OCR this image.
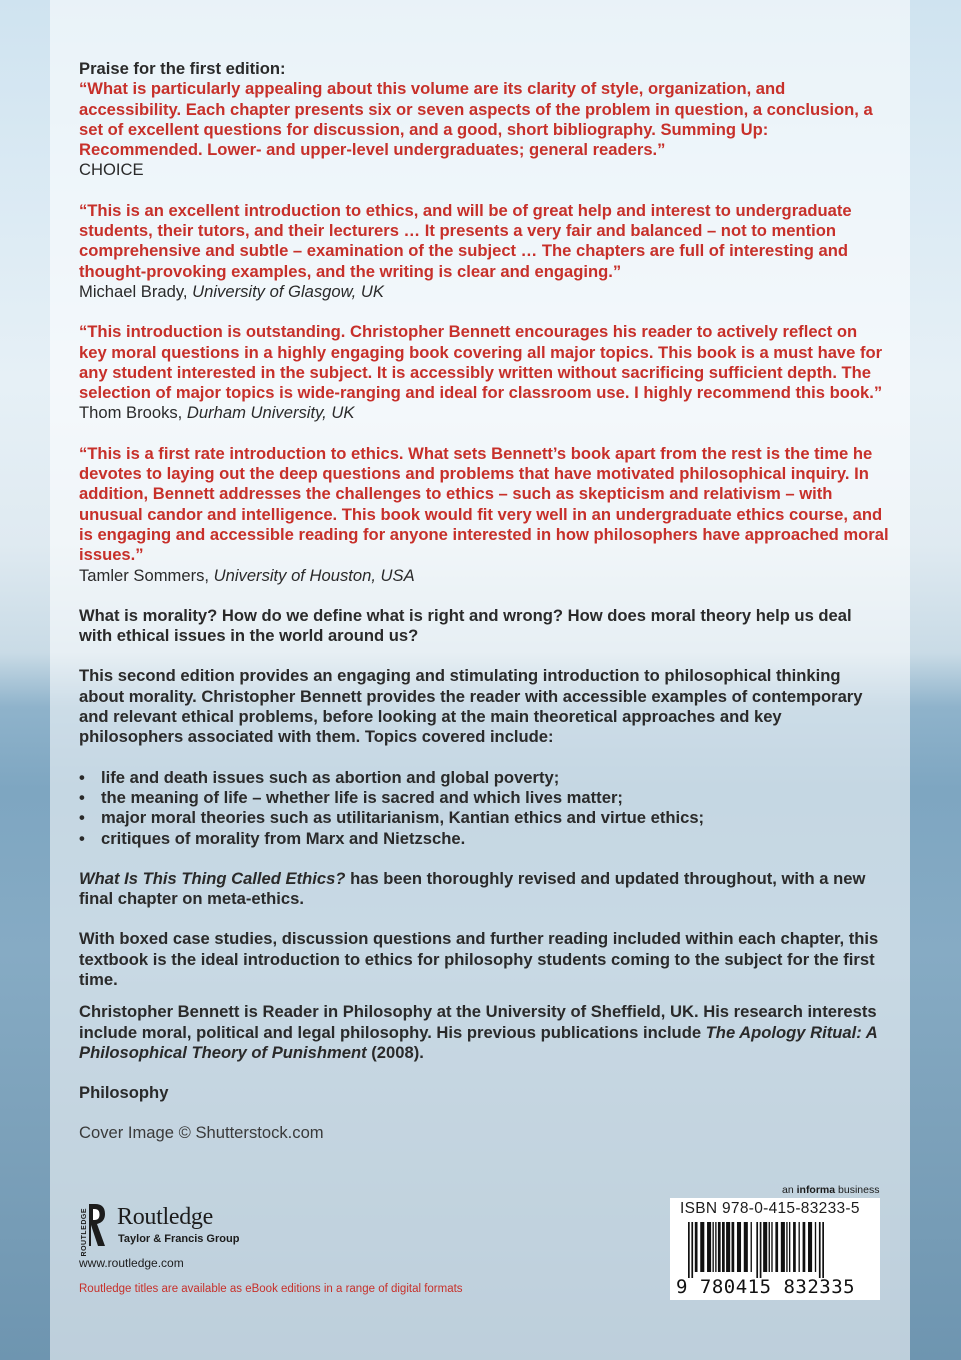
Praise for the first edition:
“What is particularly appealing about this volume are its clarity of style, organization, and accessibility. Each chapter presents six or seven aspects of the problem in question, a conclusion, a set of excellent questions for discussion, and a good, short bibliography. Summing Up: Recommended. Lower- and upper-level undergraduates; general readers.”
CHOICE
“This is an excellent introduction to ethics, and will be of great help and interest to undergraduate students, their tutors, and their lecturers … It presents a very fair and balanced – not to mention comprehensive and subtle – examination of the subject … The chapters are full of interesting and thought-provoking examples, and the writing is clear and engaging.”
Michael Brady, University of Glasgow, UK
“This introduction is outstanding. Christopher Bennett encourages his reader to actively reflect on key moral questions in a highly engaging book covering all major topics. This book is a must have for any student interested in the subject. It is accessibly written without sacrificing sufficient depth. The selection of major topics is wide-ranging and ideal for classroom use. I highly recommend this book.”
Thom Brooks, Durham University, UK
“This is a first rate introduction to ethics. What sets Bennett’s book apart from the rest is the time he devotes to laying out the deep questions and problems that have motivated philosophical inquiry. In addition, Bennett addresses the challenges to ethics – such as skepticism and relativism – with unusual candor and intelligence. This book would fit very well in an undergraduate ethics course, and is engaging and accessible reading for anyone interested in how philosophers have approached moral issues.”
Tamler Sommers, University of Houston, USA

What is morality? How do we define what is right and wrong? How does moral theory help us deal with ethical issues in the world around us?

This second edition provides an engaging and stimulating introduction to philosophical thinking about morality. Christopher Bennett provides the reader with accessible examples of contemporary and relevant ethical problems, before looking at the main theoretical approaches and key philosophers associated with them. Topics covered include:

• life and death issues such as abortion and global poverty;
• the meaning of life – whether life is sacred and which lives matter;
• major moral theories such as utilitarianism, Kantian ethics and virtue ethics;
• critiques of morality from Marx and Nietzsche.

What Is This Thing Called Ethics? has been thoroughly revised and updated throughout, with a new final chapter on meta-ethics.

With boxed case studies, discussion questions and further reading included within each chapter, this textbook is the ideal introduction to ethics for philosophy students coming to the subject for the first time.

Christopher Bennett is Reader in Philosophy at the University of Sheffield, UK. His research interests include moral, political and legal philosophy. His previous publications include The Apology Ritual: A Philosophical Theory of Punishment (2008).

Philosophy
Cover Image © Shutterstock.com
ROUTLEDGE Routledge
Taylor & Francis Group
www.routledge.com
Routledge titles are available as eBook editions in a range of digital formats
an informa business
ISBN 978-0-415-83233-5
9 780415 832335
